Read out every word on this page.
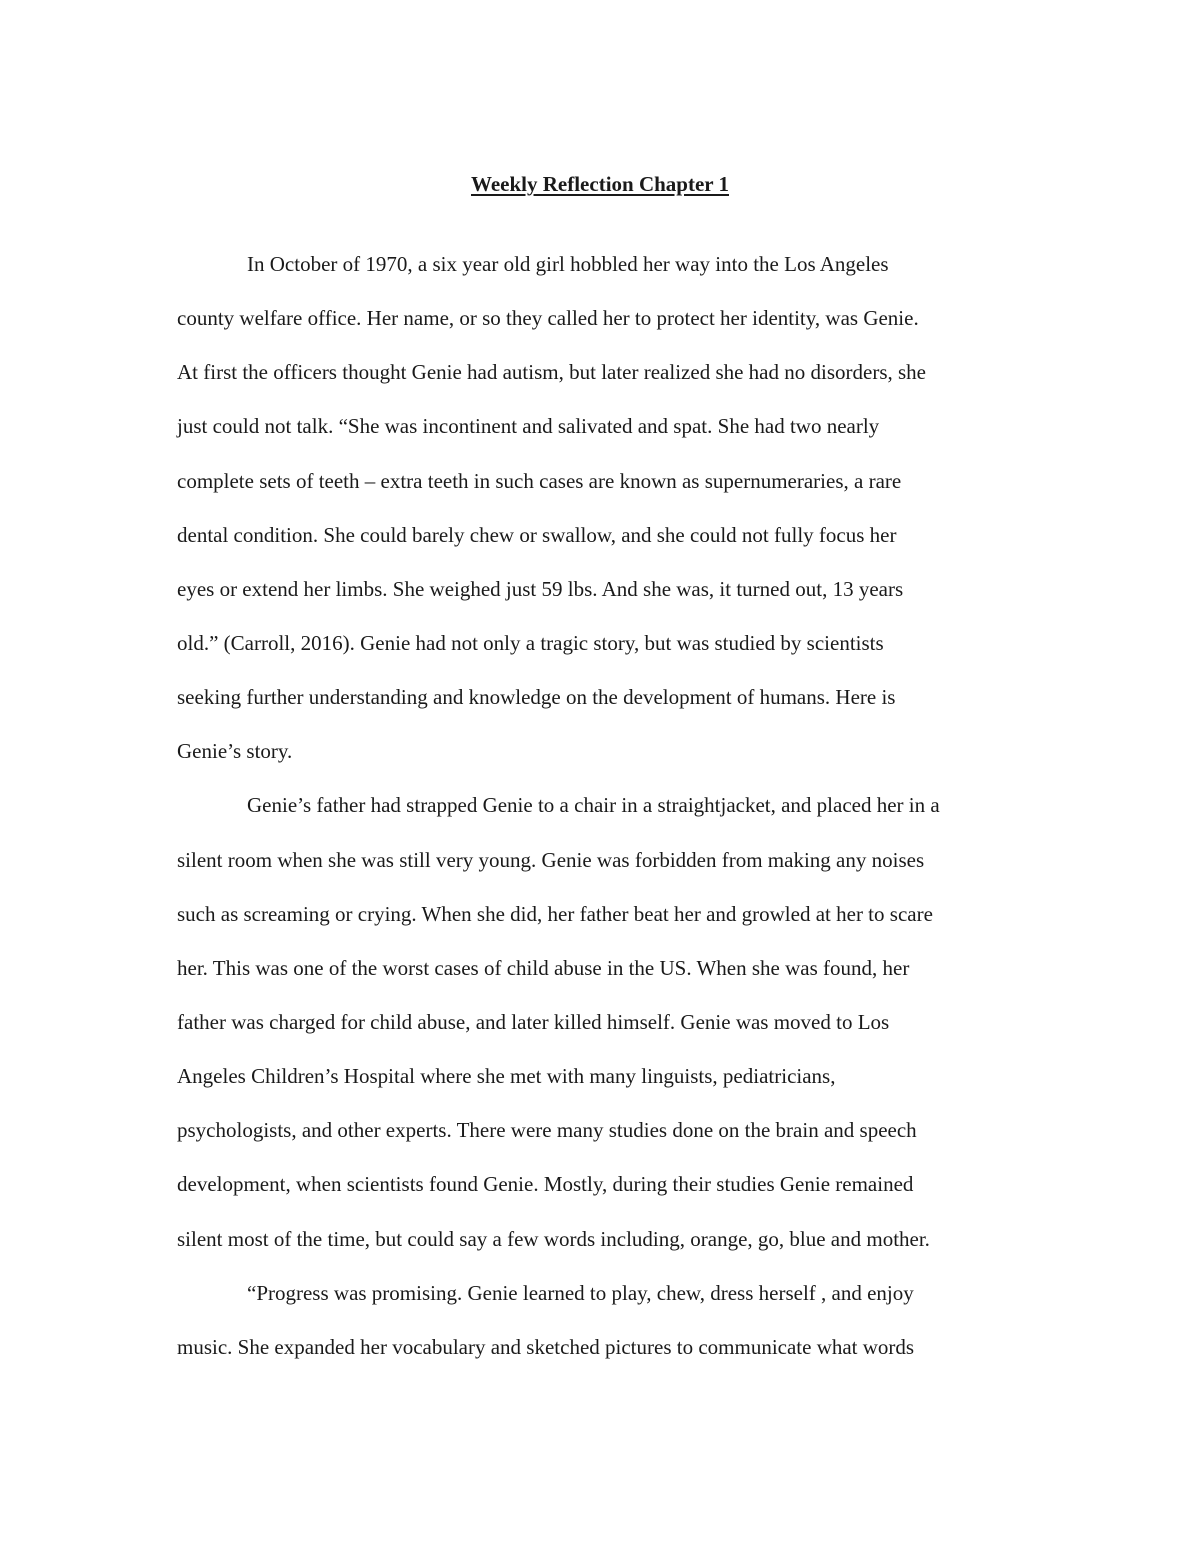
Weekly Reflection Chapter 1
In October of 1970, a six year old girl hobbled her way into the Los Angeles
county welfare office. Her name, or so they called her to protect her identity, was Genie.
At first the officers thought Genie had autism, but later realized she had no disorders, she
just could not talk. “She was incontinent and salivated and spat. She had two nearly
complete sets of teeth – extra teeth in such cases are known as supernumeraries, a rare
dental condition. She could barely chew or swallow, and she could not fully focus her
eyes or extend her limbs. She weighed just 59 lbs. And she was, it turned out, 13 years
old.” (Carroll, 2016). Genie had not only a tragic story, but was studied by scientists
seeking further understanding and knowledge on the development of humans. Here is
Genie’s story.
Genie’s father had strapped Genie to a chair in a straightjacket, and placed her in a
silent room when she was still very young. Genie was forbidden from making any noises
such as screaming or crying. When she did, her father beat her and growled at her to scare
her. This was one of the worst cases of child abuse in the US. When she was found, her
father was charged for child abuse, and later killed himself. Genie was moved to Los
Angeles Children’s Hospital where she met with many linguists, pediatricians,
psychologists, and other experts. There were many studies done on the brain and speech
development, when scientists found Genie. Mostly, during their studies Genie remained
silent most of the time, but could say a few words including, orange, go, blue and mother.
“Progress was promising. Genie learned to play, chew, dress herself , and enjoy
music. She expanded her vocabulary and sketched pictures to communicate what words
